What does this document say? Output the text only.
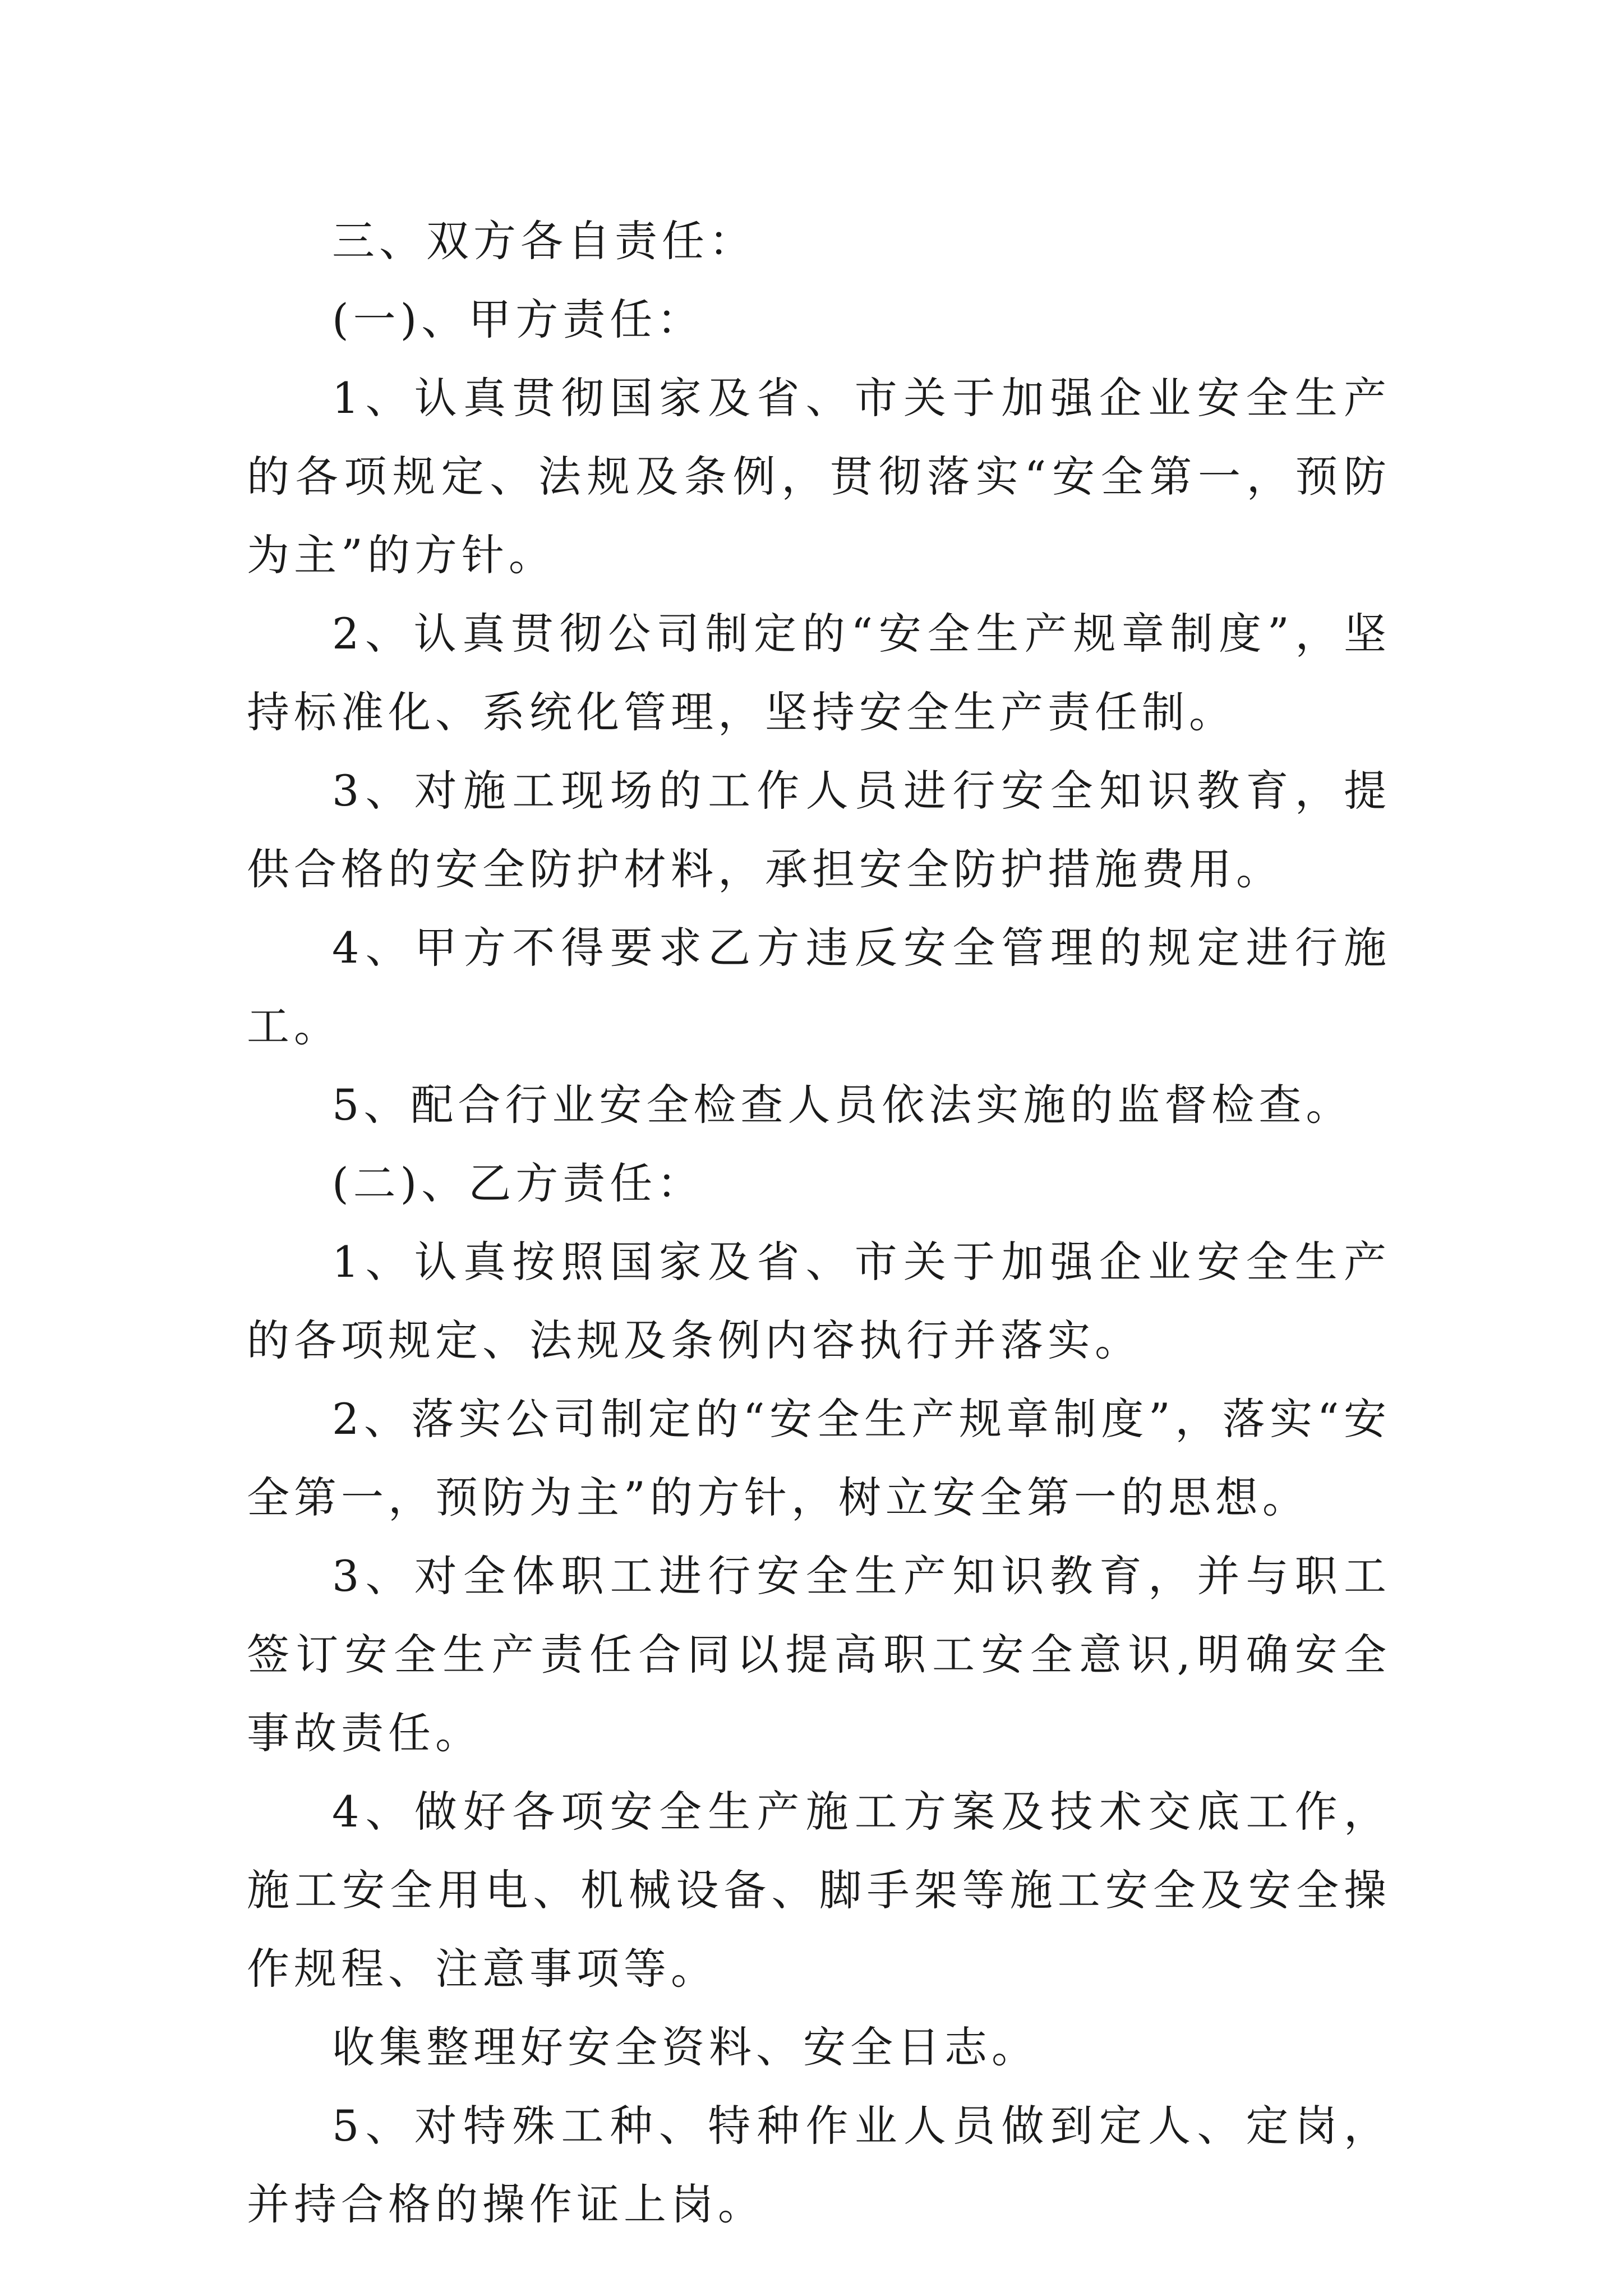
三、双方各自责任：

(一)、甲方责任：

1、认真贯彻国家及省、市关于加强企业安全生产的各项规定、法规及条例，贯彻落实“安全第一，预防为主”的方针。

2、认真贯彻公司制定的“安全生产规章制度”，坚持标准化、系统化管理，坚持安全生产责任制。

3、对施工现场的工作人员进行安全知识教育，提供合格的安全防护材料，承担安全防护措施费用。

4、甲方不得要求乙方违反安全管理的规定进行施工。

5、配合行业安全检查人员依法实施的监督检查。

(二)、乙方责任：

1、认真按照国家及省、市关于加强企业安全生产的各项规定、法规及条例内容执行并落实。

2、落实公司制定的“安全生产规章制度”，落实“安全第一，预防为主”的方针，树立安全第一的思想。

3、对全体职工进行安全生产知识教育，并与职工签订安全生产责任合同以提高职工安全意识,明确安全事故责任。

4、做好各项安全生产施工方案及技术交底工作，施工安全用电、机械设备、脚手架等施工安全及安全操作规程、注意事项等。

收集整理好安全资料、安全日志。

5、对特殊工种、特种作业人员做到定人、定岗，并持合格的操作证上岗。
